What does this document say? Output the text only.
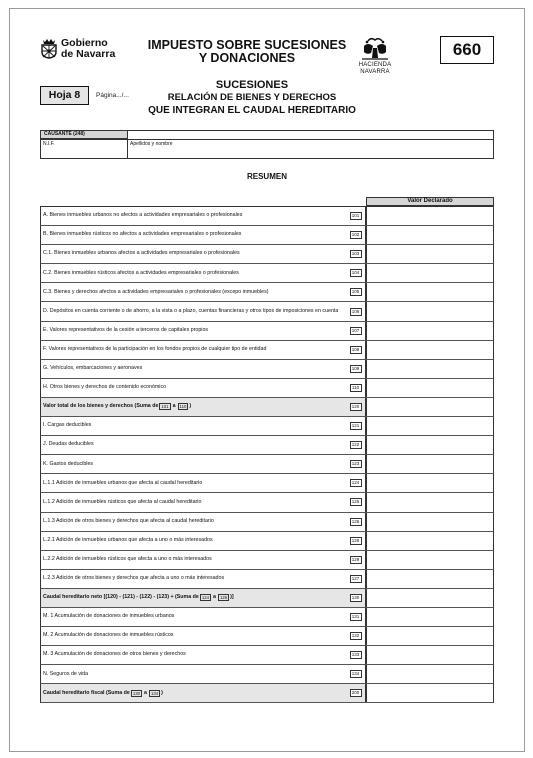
Gobierno
de Navarra
IMPUESTO SOBRE SUCESIONES
Y DONACIONES	HACIENDA
NAVARRA
660
Hoja 8	Página.../...
SUCESIONES
RELACIÓN DE BIENES Y DERECHOS
QUE INTEGRAN EL CAUDAL HEREDITARIO
CAUSANTE (248)
N.I.F.	Apellidos y nombre
RESUMEN
Valor Declarado
A. Bienes inmuebles urbanos no afectos a actividades empresariales o profesionales	101
B. Bienes inmuebles rústicos no afectos a actividades empresariales o profesionales	102
C.1. Bienes inmuebles urbanos afectos a actividades empresariales o profesionales	103
C.2. Bienes inmuebles rústicos afectos a actividades empresariales o profesionales	104
C.3. Bienes y derechos afectos a actividades empresariales o profesionales (excepo inmuebles)	105
D. Depósitos en cuenta corriente o de ahorro, a la vista o a plazo, cuentas financieras y otros tipos de imposiciones en cuenta	106
E. Valores representativos de la cesión a terceros de capitales propios	107
F. Valores representativos de la participación en los fondos propios de cualquier tipo de entidad	108
G. Vehículos, embarcaciones y aeronaves	109
H. Otros bienes y derechos de contenido económico	110
Valor total de los bienes y derechos (Suma de 101 a 110 )	120
I. Cargas deducibles	121
J. Deudas deducibles	122
K. Gastos deducibles	123
L.1.1 Adición de inmuebles urbanos que afecta al caudal hereditario	124
L.1.2 Adición de inmuebles rústicos que afecta al caudal hereditario	125
L.1.3 Adición de otros bienes y derechos que afecta al caudal hereditario	126
L.2.1 Adición de inmuebles urbanos que afecta a uno o más interesados	128
L.2.2 Adición de inmuebles rústicos que afecta a uno o más interesados	129
L.2.3 Adición de otros bienes y derechos que afecta a uno o más interesados	127
Caudal hereditario neto [(120) - (121) - (122) - (123) + (Suma de 124 a 126 )]	130
M. 1 Acumulación de donaciones de inmuebles urbanos	131
M. 2 Acumulación de donaciones de inmuebles rústicos	132
M. 3 Acumulación de donaciones de otros bienes y derechos	133
N. Seguros de vida	134
Caudal hereditario fiscal (Suma de 130 a 134 )	200
